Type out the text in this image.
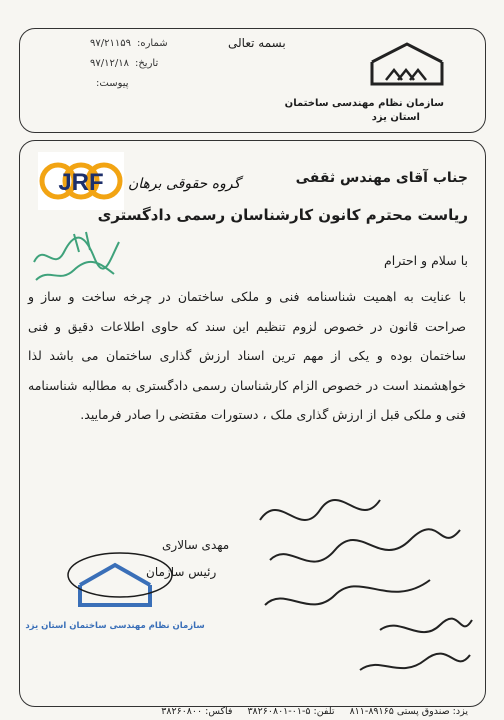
سازمان نظام مهندسی ساختمان
استان یزد
بسمه تعالی
شماره:۹۷/۲۱۱۵۹
تاریخ:۹۷/۱۲/۱۸
پیوست:
JRF گروه حقوقی برهان	جناب آقای مهندس ثقفی
ریاست محترم کانون کارشناسان رسمی دادگستری
با سلام و احترام
با عنایت به اهمیت شناسنامه فنی و ملکی ساختمان در چرخه ساخت و ساز و صراحت قانون در خصوص لزوم تنظیم این سند که حاوی اطلاعات دقیق و فنی ساختمان بوده و یکی از مهم ترین اسناد ارزش گذاری ساختمان می باشد لذا خواهشمند است در خصوص الزام کارشناسان رسمی دادگستری به مطالبه شناسنامه فنی و ملکی قبل از ارزش گذاری ملک ، دستورات مقتضی را صادر فرمایید.
سازمان نظام مهندسی ساختمان استان یزد
مهدی سالاری
رئیس سازمان
یزد: صندوق پستی ۸۹۱۶۵-۸۱۱ تلفن: ۵-۰۱-۳۸۲۶۰۸۰۱ فاکس: ۳۸۲۶۰۸۰۰
